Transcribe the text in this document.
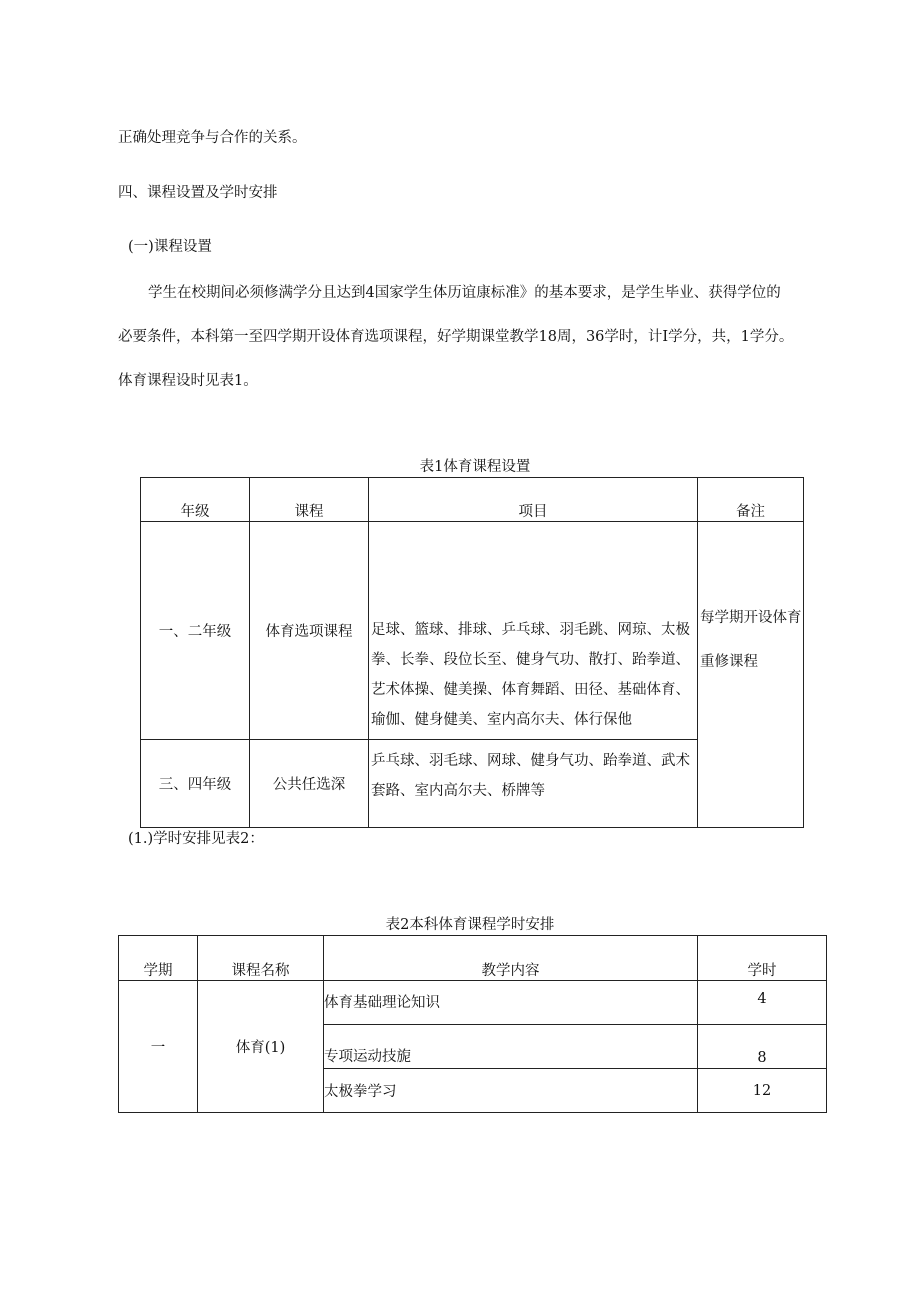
正确处理竞争与合作的关系。
四、课程设置及学时安排
(一)课程设置
学生在校期间必须修满学分且达到4国家学生体历谊康标准》的基本要求，是学生毕业、获得学位的
必要条件，本科第一至四学期开设体育选项课程，好学期课堂教学18周，36学时，计I学分，共，1学分。
体育课程设时见表1。
表1体育课程设置
年级	课程	项目	备注
一、二年级	体育选项课程	足球、篮球、排球、乒乓球、羽毛跳、网琼、太极拳、长拳、段位长至、健身气功、散打、跆拳道、艺术体操、健美操、体育舞蹈、田径、基础体育、瑜伽、健身健美、室内高尔夫、体行保他	每学期开设体育重修课程
三、四年级	公共任选深	乒乓球、羽毛球、网球、健身气功、跆拳道、武术套路、室内高尔夫、桥牌等	
(1.)学时安排见表2：
表2本科体育课程学时安排
学期	课程名称	教学内容	学时
一	体育(1)	体育基础理论知识	4
		专项运动技旎	8
		太极拳学习	12
